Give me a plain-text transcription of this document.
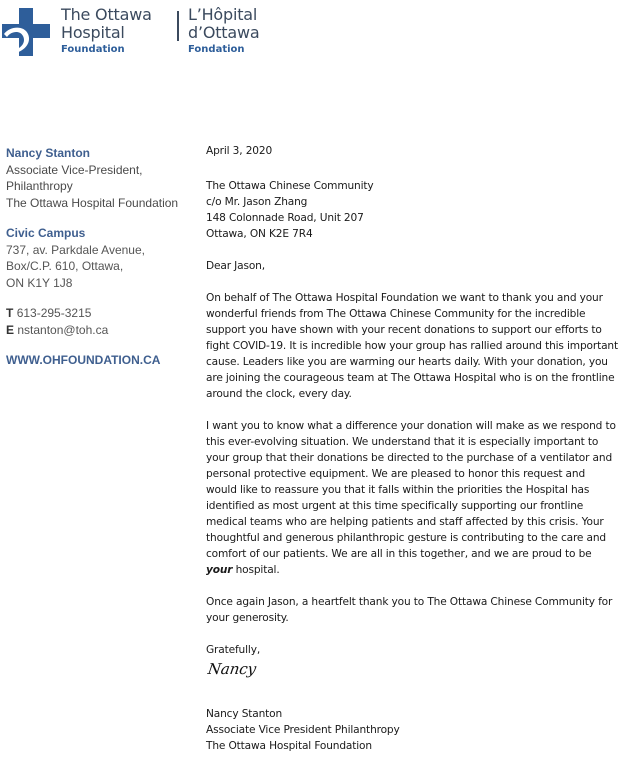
The Ottawa
Hospital
Foundation
L’Hôpital
d’Ottawa
Fondation
Nancy Stanton
Associate Vice-President,
Philanthropy
The Ottawa Hospital Foundation
Civic Campus
737, av. Parkdale Avenue,
Box/C.P. 610, Ottawa,
ON K1Y 1J8
T 613-295-3215
E nstanton@toh.ca
WWW.OHFOUNDATION.CA

April 3, 2020

The Ottawa Chinese Community

c/o Mr. Jason Zhang

148 Colonnade Road, Unit 207

Ottawa, ON K2E 7R4

Dear Jason,

On behalf of The Ottawa Hospital Foundation we want to thank you and your wonderful friends from The Ottawa Chinese Community for the incredible support you have shown with your recent donations to support our efforts to fight COVID-19. It is incredible how your group has rallied around this important cause. Leaders like you are warming our hearts daily. With your donation, you are joining the courageous team at The Ottawa Hospital who is on the frontline around the clock, every day.

I want you to know what a difference your donation will make as we respond to this ever-evolving situation. We understand that it is especially important to your group that their donations be directed to the purchase of a ventilator and personal protective equipment. We are pleased to honor this request and would like to reassure you that it falls within the priorities the Hospital has identified as most urgent at this time specifically supporting our frontline medical teams who are helping patients and staff affected by this crisis. Your thoughtful and generous philanthropic gesture is contributing to the care and comfort of our patients. We are all in this together, and we are proud to be your hospital.

Once again Jason, a heartfelt thank you to The Ottawa Chinese Community for your generosity.

Gratefully,

Nancy

Nancy Stanton

Associate Vice President Philanthropy

The Ottawa Hospital Foundation
